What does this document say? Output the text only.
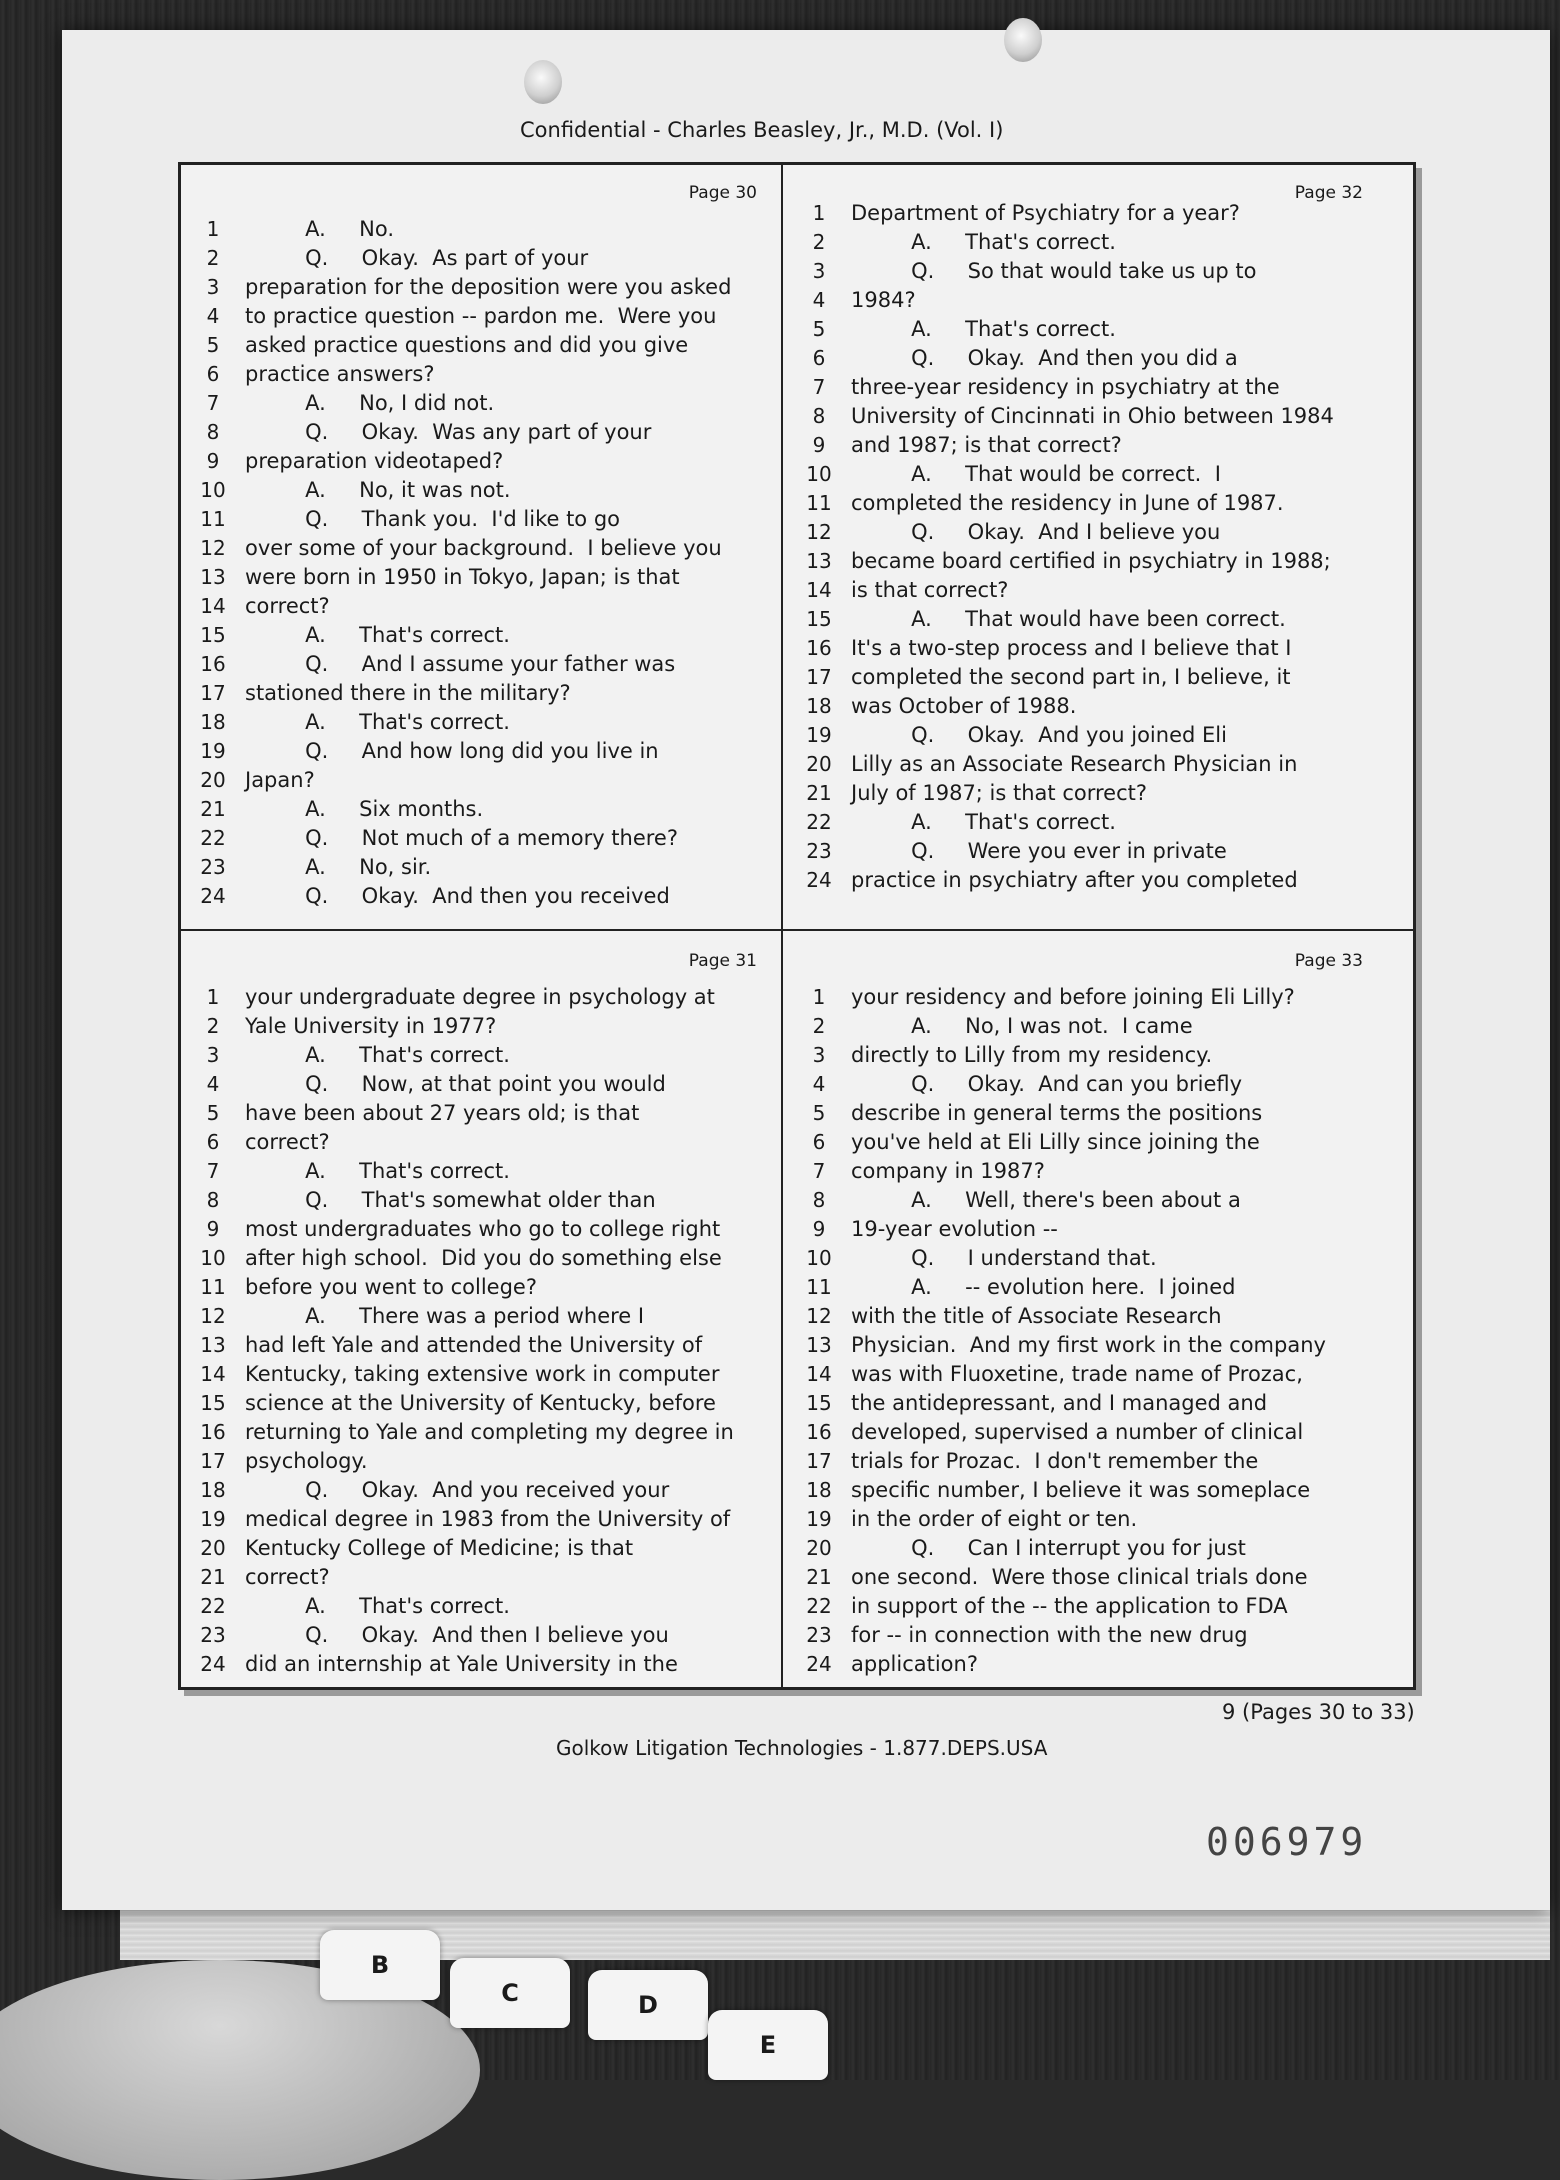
Confidential - Charles Beasley, Jr., M.D. (Vol. I)
Page 30
1	A.     No.
2	Q.     Okay.  As part of your
3	preparation for the deposition were you asked
4	to practice question -- pardon me.  Were you
5	asked practice questions and did you give
6	practice answers?
7	A.     No, I did not.
8	Q.     Okay.  Was any part of your
9	preparation videotaped?
10 A.     No, it was not.
11 Q.     Thank you.  I'd like to go
12 over some of your background.  I believe you
13 were born in 1950 in Tokyo, Japan; is that
14 correct?
15 A.     That's correct.
16 Q.     And I assume your father was
17 stationed there in the military?
18 A.     That's correct.
19 Q.     And how long did you live in
20 Japan?
21 A.     Six months.
22 Q.     Not much of a memory there?
23 A.     No, sir.
24 Q.     Okay.  And then you received
Page 32
1	Department of Psychiatry for a year?
2	A.     That's correct.
3	Q.     So that would take us up to
4	1984?
5	A.     That's correct.
6	Q.     Okay.  And then you did a
7	three-year residency in psychiatry at the
8	University of Cincinnati in Ohio between 1984
9	and 1987; is that correct?
10 A.     That would be correct.  I
11 completed the residency in June of 1987.
12 Q.     Okay.  And I believe you
13 became board certified in psychiatry in 1988;
14 is that correct?
15 A.     That would have been correct.
16 It's a two-step process and I believe that I
17 completed the second part in, I believe, it
18 was October of 1988.
19 Q.     Okay.  And you joined Eli
20 Lilly as an Associate Research Physician in
21 July of 1987; is that correct?
22 A.     That's correct.
23 Q.     Were you ever in private
24 practice in psychiatry after you completed
Page 31
1	your undergraduate degree in psychology at
2	Yale University in 1977?
3	A.     That's correct.
4	Q.     Now, at that point you would
5	have been about 27 years old; is that
6	correct?
7	A.     That's correct.
8	Q.     That's somewhat older than
9	most undergraduates who go to college right
10 after high school.  Did you do something else
11 before you went to college?
12 A.     There was a period where I
13 had left Yale and attended the University of
14 Kentucky, taking extensive work in computer
15 science at the University of Kentucky, before
16 returning to Yale and completing my degree in
17 psychology.
18 Q.     Okay.  And you received your
19 medical degree in 1983 from the University of
20 Kentucky College of Medicine; is that
21 correct?
22 A.     That's correct.
23 Q.     Okay.  And then I believe you
24 did an internship at Yale University in the
Page 33
1	your residency and before joining Eli Lilly?
2	A.     No, I was not.  I came
3	directly to Lilly from my residency.
4	Q.     Okay.  And can you briefly
5	describe in general terms the positions
6	you've held at Eli Lilly since joining the
7	company in 1987?
8	A.     Well, there's been about a
9	19-year evolution --
10 Q.     I understand that.
11 A.     -- evolution here.  I joined
12 with the title of Associate Research
13 Physician.  And my first work in the company
14 was with Fluoxetine, trade name of Prozac,
15 the antidepressant, and I managed and
16 developed, supervised a number of clinical
17 trials for Prozac.  I don't remember the
18 specific number, I believe it was someplace
19 in the order of eight or ten.
20 Q.     Can I interrupt you for just
21 one second.  Were those clinical trials done
22 in support of the -- the application to FDA
23 for -- in connection with the new drug
24 application?
9 (Pages 30 to 33)
Golkow Litigation Technologies - 1.877.DEPS.USA
006979
B
C	D
E
